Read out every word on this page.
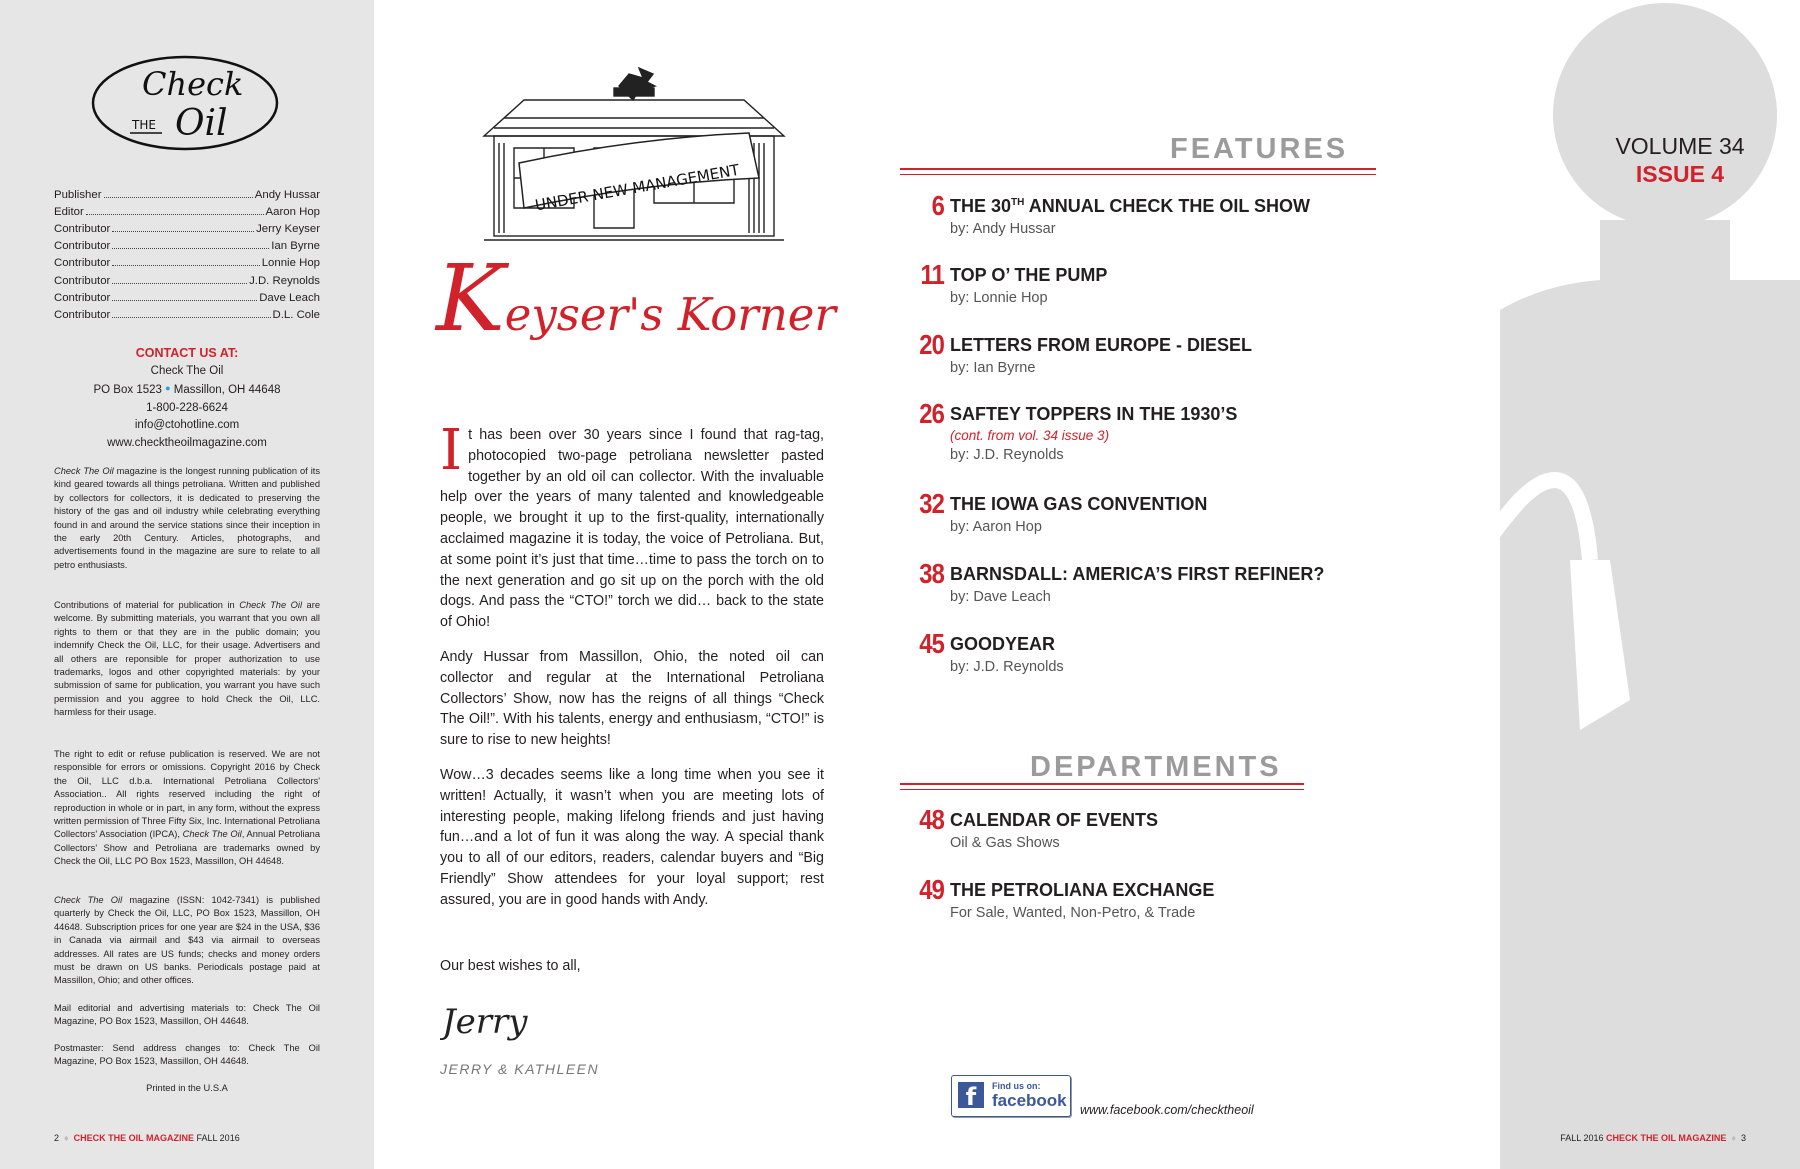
Check
THE Oil
Publisher	Andy Hussar
Editor	Aaron Hop
Contributor	Jerry Keyser
Contributor	Ian Byrne
Contributor	Lonnie Hop
Contributor	J.D. Reynolds
Contributor	Dave Leach
Contributor	D.L. Cole
CONTACT US AT:
Check The Oil
PO Box 1523 ● Massillon, OH 44648
1-800-228-6624
info@ctohotline.com
www.checktheoilmagazine.com
Check The Oil magazine is the longest running publication of its kind geared towards all things petroliana. Written and published by collectors for collectors, it is dedicated to preserving the history of the gas and oil industry while celebrating everything found in and around the service stations since their inception in the early 20th Century. Articles, photographs, and advertisements found in the magazine are sure to relate to all petro enthusiasts.
Contributions of material for publication in Check The Oil are welcome. By submitting materials, you warrant that you own all rights to them or that they are in the public domain; you indemnify Check the Oil, LLC, for their usage. Advertisers and all others are reponsible for proper authorization to use trademarks, logos and other copyrighted materials: by your submission of same for publication, you warrant you have such permission and you aggree to hold Check the Oil, LLC. harmless for their usage.
The right to edit or refuse publication is reserved. We are not responsible for errors or omissions. Copyright 2016 by Check the Oil, LLC d.b.a. International Petroliana Collectors' Association.. All rights reserved including the right of reproduction in whole or in part, in any form, without the express written permission of Three Fifty Six, Inc. International Petroliana Collectors' Association (IPCA), Check The Oil, Annual Petroliana Collectors' Show and Petroliana are trademarks owned by Check the Oil, LLC PO Box 1523, Massillon, OH 44648.
Check The Oil magazine (ISSN: 1042-7341) is published quarterly by Check the Oil, LLC, PO Box 1523, Massillon, OH 44648. Subscription prices for one year are $24 in the USA, $36 in Canada via airmail and $43 via airmail to overseas addresses. All rates are US funds; checks and money orders must be drawn on US banks. Periodicals postage paid at Massillon, Ohio; and other offices.
Mail editorial and advertising materials to: Check The Oil Magazine, PO Box 1523, Massillon, OH 44648.
Postmaster: Send address changes to: Check The Oil Magazine, PO Box 1523, Massillon, OH 44648.
Printed in the U.S.A
2  ♦  CHECK THE OIL MAGAZINE FALL 2016
UNDER NEW MANAGEMENT
Keyser's Korner

It has been over 30 years since I found that rag-tag, photocopied two-page petroliana newsletter pasted together by an old oil can collector. With the invaluable help over the years of many talented and knowledgeable people, we brought it up to the first-quality, internationally acclaimed magazine it is today, the voice of Petroliana. But, at some point it’s just that time…time to pass the torch on to the next generation and go sit up on the porch with the old dogs. And pass the “CTO!” torch we did… back to the state of Ohio!

Andy Hussar from Massillon, Ohio, the noted oil can collector and regular at the International Petroliana Collectors’ Show, now has the reigns of all things “Check The Oil!”. With his talents, energy and enthusiasm, “CTO!” is sure to rise to new heights!

Wow…3 decades seems like a long time when you see it written! Actually, it wasn’t when you are meeting lots of interesting people, making lifelong friends and just having fun…and a lot of fun it was along the way. A special thank you to all of our editors, readers, calendar buyers and “Big Friendly” Show attendees for your loyal support; rest assured, you are in good hands with Andy.

Our best wishes to all,
Jerry
JERRY & KATHLEEN
VOLUME 34
ISSUE 4
FEATURES
6 THE 30TH ANNUAL CHECK THE OIL SHOW
by: Andy Hussar
11 TOP O’ THE PUMP
by: Lonnie Hop
20 LETTERS FROM EUROPE - DIESEL
by: Ian Byrne
26 SAFTEY TOPPERS IN THE 1930’S
(cont. from vol. 34 issue 3)
by: J.D. Reynolds
32 THE IOWA GAS CONVENTION
by: Aaron Hop
38 BARNSDALL: AMERICA’S FIRST REFINER?
by: Dave Leach
45 GOODYEAR
by: J.D. Reynolds
DEPARTMENTS
48 CALENDAR OF EVENTS
Oil & Gas Shows
49 THE PETROLIANA EXCHANGE
For Sale, Wanted, Non-Petro, & Trade
f	Find us on:
facebook www.facebook.com/checktheoil
FALL 2016 CHECK THE OIL MAGAZINE  ♦  3
